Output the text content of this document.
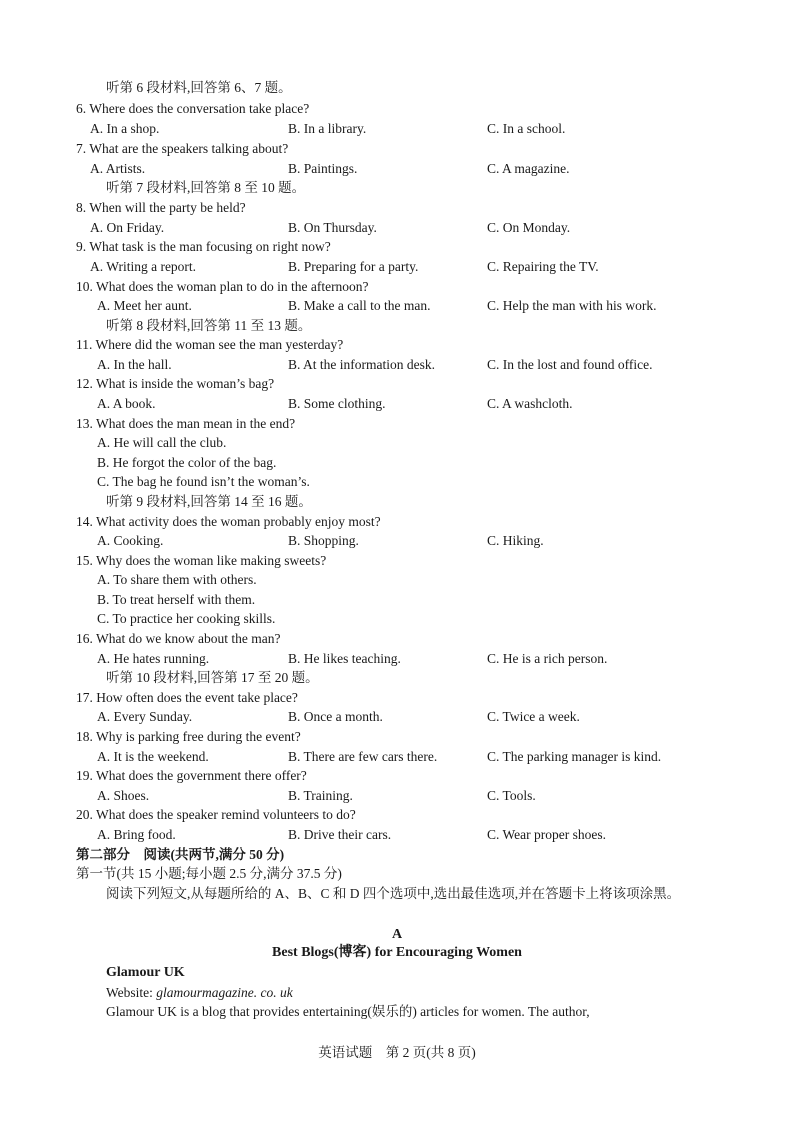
听第 6 段材料,回答第 6、7 题。
6. Where does the conversation take place?
A. In a shop.	B. In a library.	C. In a school.
7. What are the speakers talking about?
A. Artists.	B. Paintings.	C. A magazine.
听第 7 段材料,回答第 8 至 10 题。
8. When will the party be held?
A. On Friday.	B. On Thursday.	C. On Monday.
9. What task is the man focusing on right now?
A. Writing a report.	B. Preparing for a party.	C. Repairing the TV.
10. What does the woman plan to do in the afternoon?
A. Meet her aunt.	B. Make a call to the man.	C. Help the man with his work.
听第 8 段材料,回答第 11 至 13 题。
11. Where did the woman see the man yesterday?
A. In the hall.	B. At the information desk.	C. In the lost and found office.
12. What is inside the woman’s bag?
A. A book.	B. Some clothing.	C. A washcloth.
13. What does the man mean in the end?
A. He will call the club.
B. He forgot the color of the bag.
C. The bag he found isn’t the woman’s.
听第 9 段材料,回答第 14 至 16 题。
14. What activity does the woman probably enjoy most?
A. Cooking.	B. Shopping.	C. Hiking.
15. Why does the woman like making sweets?
A. To share them with others.
B. To treat herself with them.
C. To practice her cooking skills.
16. What do we know about the man?
A. He hates running.	B. He likes teaching.	C. He is a rich person.
听第 10 段材料,回答第 17 至 20 题。
17. How often does the event take place?
A. Every Sunday.	B. Once a month.	C. Twice a week.
18. Why is parking free during the event?
A. It is the weekend.	B. There are few cars there.	C. The parking manager is kind.
19. What does the government there offer?
A. Shoes.	B. Training.	C. Tools.
20. What does the speaker remind volunteers to do?
A. Bring food.	B. Drive their cars.	C. Wear proper shoes.
第二部分　阅读(共两节,满分 50 分)
第一节(共 15 小题;每小题 2.5 分,满分 37.5 分)
阅读下列短文,从每题所给的 A、B、C 和 D 四个选项中,选出最佳选项,并在答题卡上将该项涂黑。
A
Best Blogs(博客) for Encouraging Women
Glamour UK
Website: glamourmagazine. co. uk
Glamour UK is a blog that provides entertaining(娱乐的) articles for women. The author,
英语试题　第 2 页(共 8 页)
